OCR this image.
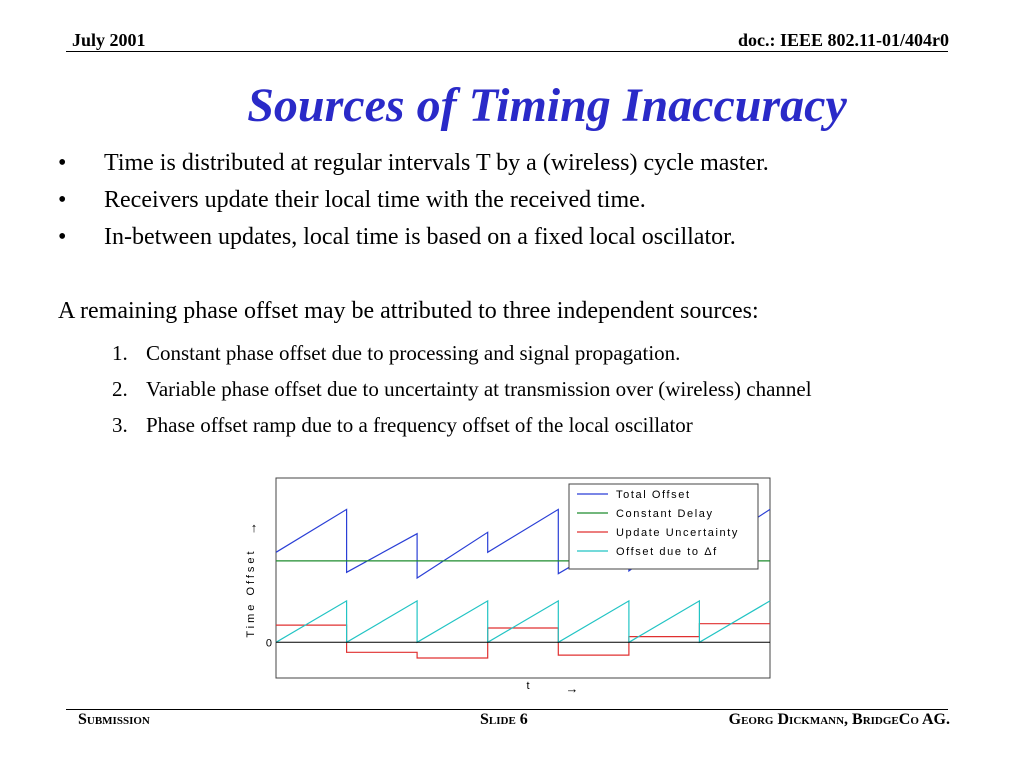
July 2001	doc.: IEEE 802.11-01/404r0
Sources of Timing Inaccuracy
• Time is distributed at regular intervals T by a (wireless) cycle master.
• Receivers update their local time with the received time.
• In-between updates, local time is based on a fixed local oscillator.
A remaining phase offset may be attributed to three independent sources:
1. Constant phase offset due to processing and signal propagation.
2. Variable phase offset due to uncertainty at transmission over (wireless) channel
3. Phase offset ramp due to a frequency offset of the local oscillator
0
Time Offset
↑
t	→
Total Offset
Constant Delay
Update Uncertainty
Offset due to Δf
Submission	Slide 6	Georg Dickmann, BridgeCo AG.
